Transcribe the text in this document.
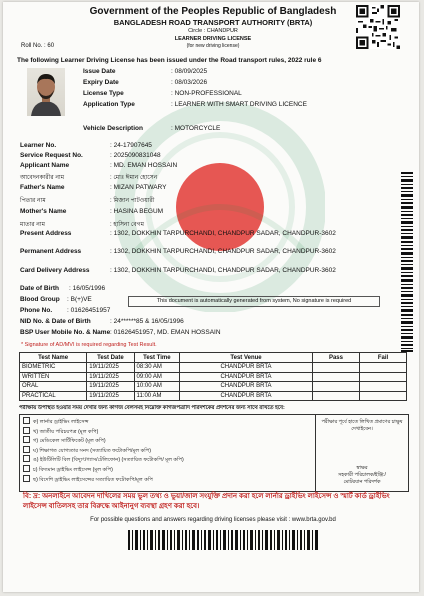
Government of the Peoples Republic of Bangladesh
BANGLADESH ROAD TRANSPORT AUTHORITY (BRTA)
Circle : CHANDPUR
LEARNER DRIVING LICENSE
(for new driving license)
Roll No. : 60
The following Learner Driving License has been issued under the Road transport rules, 2022 rule 6
Issue Date	: 08/09/2025
Expiry Date	: 08/03/2026
License Type	: NON-PROFESSIONAL
Application Type	: LEARNER WITH SMART DRIVING LICENCE
Vehicle Description	: MOTORCYCLE
Learner No.	: 24-17907645
Service Request No.	: 2025090831048
Applicant Name	: MD. EMAN HOSSAIN
আবেদনকারীর নাম	: মোঃ ঈমান হোসেন
Father's Name	: MIZAN PATWARY
পিতার নাম	: মিজান পাটওয়ারী
Mother's Name	: HASINA BEGUM
মাতার নাম	: হাসিনা বেগম
Present Address	: 1302, DOKKHIN TARPURCHANDI, CHANDPUR SADAR, CHANDPUR-3602
Permanent Address	: 1302, DOKKHIN TARPURCHANDI, CHANDPUR SADAR, CHANDPUR-3602
Card Delivery Address	: 1302, DOKKHIN TARPURCHANDI, CHANDPUR SADAR, CHANDPUR-3602
Date of Birth : 16/05/1996
Blood Group : B(+)VE
Phone No. : 01626451957
NID No. & Date of Birth	: 24******85 & 16/05/1996
BSP User Mobile No. & Name : 01626451957, MD. EMAN HOSSAIN
This document is automatically generated from system, No signature is required
* Signature of AD/MVI is required regarding Test Result.
Test Name	Test Date	Test Time	Test Venue	Pass	Fail
BIOMETRIC	19/11/2025	08:30 AM	CHANDPUR BRTA		
WRITTEN	19/11/2025	09:00 AM	CHANDPUR BRTA		
ORAL	19/11/2025	10:00 AM	CHANDPUR BRTA		
PRACTICAL	19/11/2025	11:00 AM	CHANDPUR BRTA		
পরীক্ষায় উপস্থিত হওয়ার সময় দেখার জন্য কাগজ বেলসমহ নিম্নোক্ত কাগজপত্রাদি পরিদর্শকের প্রদর্শনের জন্য সাথে রাখতে হবে:
ক) লার্নার ড্রাইভিং লাইসেন্স
খ) জাতীয় পরিচয়পত্র (মূল কপি)
গ) মেডিকেল সার্টিফিকেট (মূল কপি)
ঘ) শিক্ষাগত যোগ্যতার সনদ (সত্যায়িত ফটোকপি/মূল কপি)
ঙ) ইউটিলিটি বিল (বিদ্যুৎ/গ্যাস/টেলিফোন) (সত্যায়িত ফটোকপি/ মূল কপি)
চ) বিদ্যমান ড্রাইভিং লাইসেন্স (মূল কপি)
ছ) বিদেশি ড্রাইভিং লাইসেন্সের সত্যায়িত ফটোকপি/মূল কপি
পরীক্ষার পূর্বে হাতে লিখিত প্রমাণের চাক্ষুষ দেখাইবেন।
স্বাক্ষর
সহকারী পরিচালক/ইঞ্জি:/
মোটরযান পরিদর্শক
বি: দ্র: অনলাইনে আবেদন দাখিলের সময় ভুল তথ্য ও ভুয়া/জাল সংযুক্তি প্রদান করা হলে লার্নার ড্রাইভিং লাইসেন্স ও স্মার্ট কার্ড ড্রাইভিং লাইসেন্স বাতিলসহ তার বিরুদ্ধে আইনানুগ ব্যবস্থা গ্রহণ করা হবে।
For possible questions and answers regarding driving licenses please visit : www.brta.gov.bd
